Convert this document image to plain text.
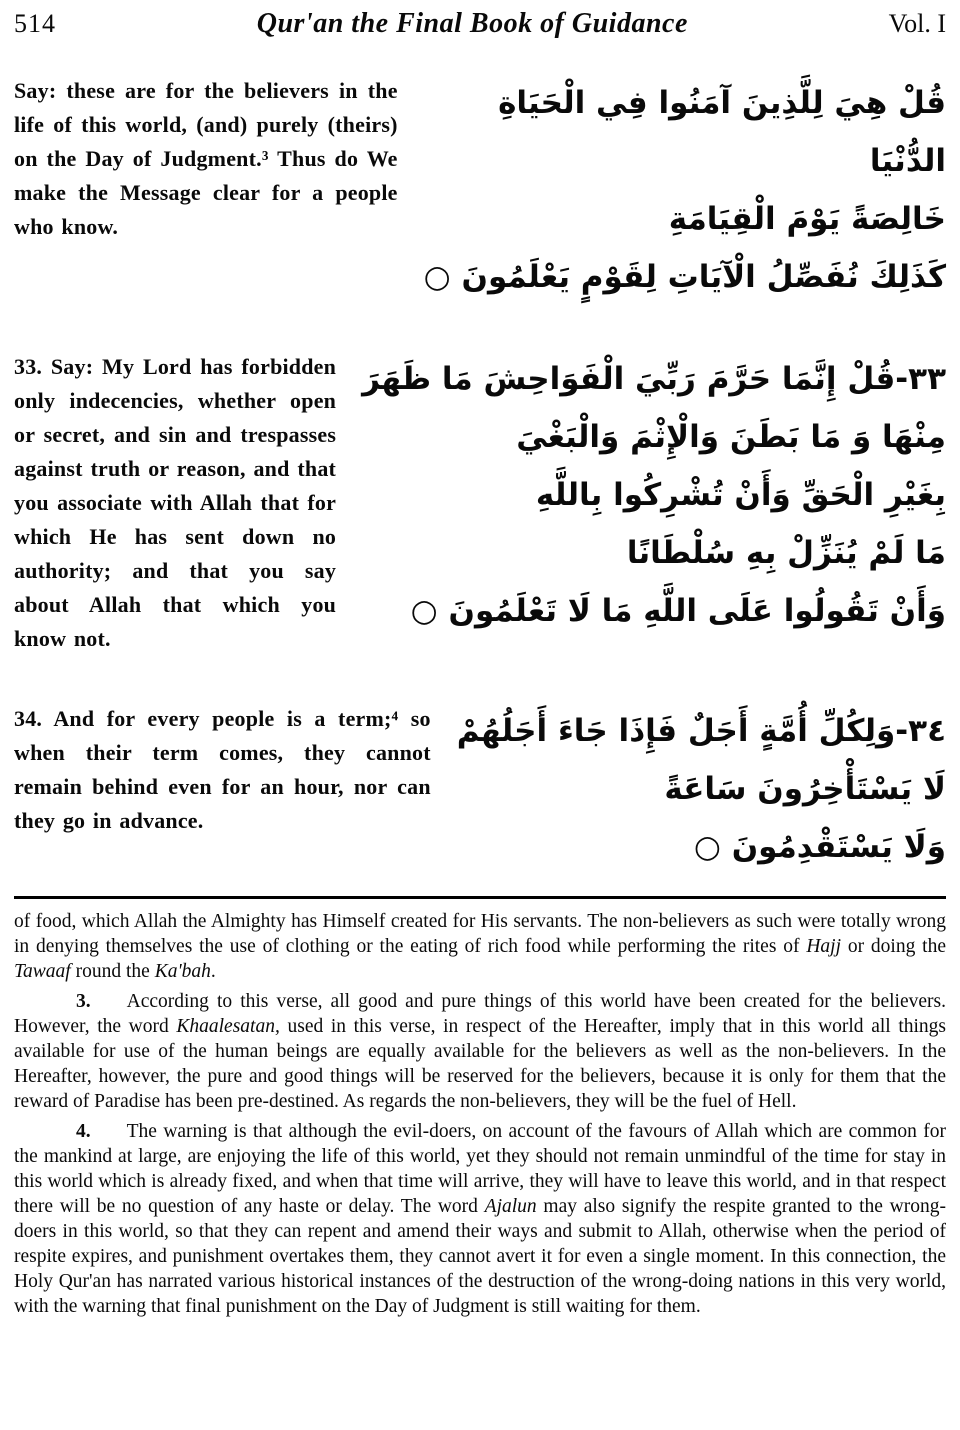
514	Qur'an the Final Book of Guidance	Vol. I
Say: these are for the believers in the life of this world, (and) purely (theirs) on the Day of Judgment.³ Thus do We make the Message clear for a people who know.
قُلْ هِيَ لِلَّذِينَ آمَنُوا فِي الْحَيَاةِ
الدُّنْيَا
خَالِصَةً يَوْمَ الْقِيَامَةِ
كَذَلِكَ نُفَصِّلُ الْآيَاتِ لِقَوْمٍ يَعْلَمُونَ ○
33. Say: My Lord has forbidden only indecencies, whether open or secret, and sin and trespasses against truth or reason, and that you associate with Allah that for which He has sent down no authority; and that you say about Allah that which you know not.
٣٣-قُلْ إِنَّمَا حَرَّمَ رَبِّيَ الْفَوَاحِشَ مَا ظَهَرَ
مِنْهَا وَ مَا بَطَنَ وَالْإِثْمَ وَالْبَغْيَ
بِغَيْرِ الْحَقِّ وَأَنْ تُشْرِكُوا بِاللَّهِ
مَا لَمْ يُنَزِّلْ بِهِ سُلْطَانًا
وَأَنْ تَقُولُوا عَلَى اللَّهِ مَا لَا تَعْلَمُونَ ○
34. And for every people is a term;⁴ so when their term comes, they cannot remain behind even for an hour, nor can they go in advance.
٣٤-وَلِكُلِّ أُمَّةٍ أَجَلٌ فَإِذَا جَاءَ أَجَلُهُمْ
لَا يَسْتَأْخِرُونَ سَاعَةً
وَلَا يَسْتَقْدِمُونَ ○

of food, which Allah the Almighty has Himself created for His servants. The non-believers as such were totally wrong in denying themselves the use of clothing or the eating of rich food while performing the rites of Hajj or doing the Tawaaf round the Ka'bah.

3. According to this verse, all good and pure things of this world have been created for the believers. However, the word Khaalesatan, used in this verse, in respect of the Hereafter, imply that in this world all things available for use of the human beings are equally available for the believers as well as the non-believers. In the Hereafter, however, the pure and good things will be reserved for the believers, because it is only for them that the reward of Paradise has been pre-destined. As regards the non-believers, they will be the fuel of Hell.

4. The warning is that although the evil-doers, on account of the favours of Allah which are common for the mankind at large, are enjoying the life of this world, yet they should not remain unmindful of the time for stay in this world which is already fixed, and when that time will arrive, they will have to leave this world, and in that respect there will be no question of any haste or delay. The word Ajalun may also signify the respite granted to the wrong-doers in this world, so that they can repent and amend their ways and submit to Allah, otherwise when the period of respite expires, and punishment overtakes them, they cannot avert it for even a single moment. In this connection, the Holy Qur'an has narrated various historical instances of the destruction of the wrong-doing nations in this very world, with the warning that final punishment on the Day of Judgment is still waiting for them.
